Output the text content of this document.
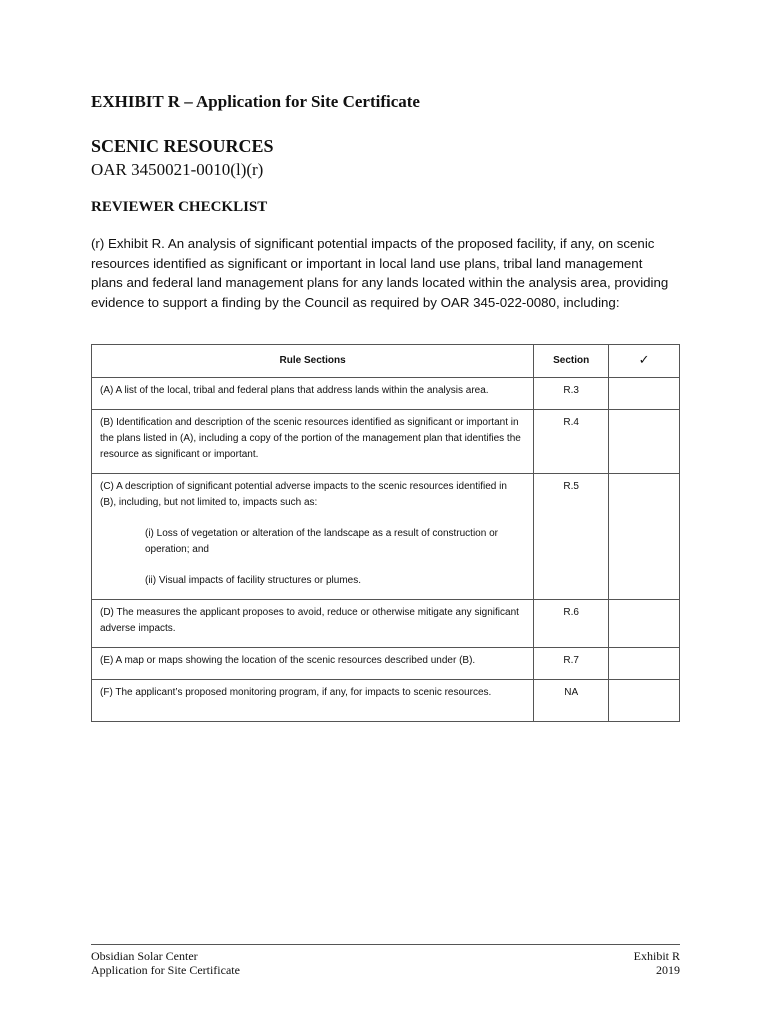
EXHIBIT R – Application for Site Certificate
SCENIC RESOURCES
OAR 3450021-0010(l)(r)
REVIEWER CHECKLIST
(r) Exhibit R. An analysis of significant potential impacts of the proposed facility, if any, on scenic resources identified as significant or important in local land use plans, tribal land management plans and federal land management plans for any lands located within the analysis area, providing evidence to support a finding by the Council as required by OAR 345-022-0080, including:
Rule Sections	Section	✓
(A) A list of the local, tribal and federal plans that address lands within the analysis area.	R.3	
(B) Identification and description of the scenic resources identified as significant or important in the plans listed in (A), including a copy of the portion of the management plan that identifies the resource as significant or important.	R.4	

(C) A description of significant potential adverse impacts to the scenic resources identified in (B), including, but not limited to, impacts such as:
(i) Loss of vegetation or alteration of the landscape as a result of construction or operation; and
(ii) Visual impacts of facility structures or plumes.	R.5	
(D) The measures the applicant proposes to avoid, reduce or otherwise mitigate any significant adverse impacts.	R.6	
(E) A map or maps showing the location of the scenic resources described under (B).	R.7	
(F) The applicant’s proposed monitoring program, if any, for impacts to scenic resources.	NA	
Obsidian Solar Center
Application for Site Certificate
Exhibit R
2019
